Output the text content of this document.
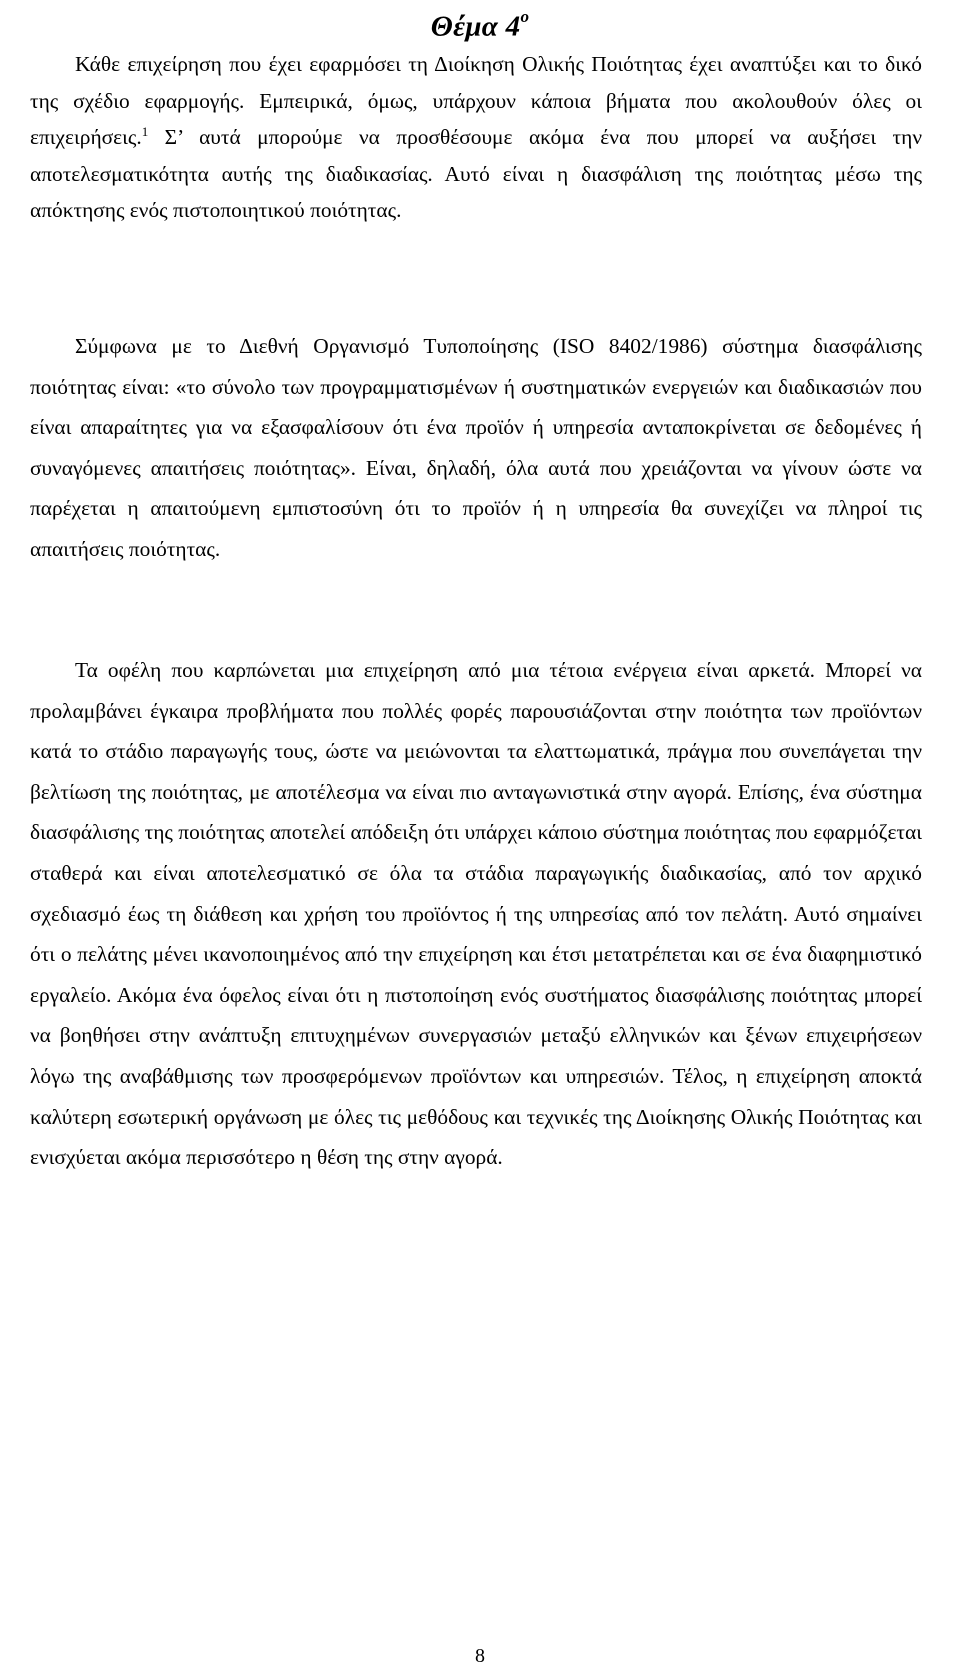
Θέμα $4^o$

Κάθε επιχείρηση που έχει εφαρμόσει τη Διοίκηση Ολικής Ποιότητας έχει αναπτύξει και το δικό της σχέδιο εφαρμογής. Εμπειρικά, όμως, υπάρχουν κάποια βήματα που ακολουθούν όλες οι επιχειρήσεις.$^1$ Σ’ αυτά μπορούμε να προσθέσουμε ακόμα ένα που μπορεί να αυξήσει την αποτελεσματικότητα αυτής της διαδικασίας. Αυτό είναι η διασφάλιση της ποιότητας μέσω της απόκτησης ενός πιστοποιητικού ποιότητας.

Σύμφωνα με το Διεθνή Οργανισμό Τυποποίησης (ISO 8402/1986) σύστημα διασφάλισης ποιότητας είναι: «το σύνολο των προγραμματισμένων ή συστηματικών ενεργειών και διαδικασιών που είναι απαραίτητες για να εξασφαλίσουν ότι ένα προϊόν ή υπηρεσία ανταποκρίνεται σε δεδομένες ή συναγόμενες απαιτήσεις ποιότητας». Είναι, δηλαδή, όλα αυτά που χρειάζονται να γίνουν ώστε να παρέχεται η απαιτούμενη εμπιστοσύνη ότι το προϊόν ή η υπηρεσία θα συνεχίζει να πληροί τις απαιτήσεις ποιότητας.

Τα οφέλη που καρπώνεται μια επιχείρηση από μια τέτοια ενέργεια είναι αρκετά. Μπορεί να προλαμβάνει έγκαιρα προβλήματα που πολλές φορές παρουσιάζονται στην ποιότητα των προϊόντων κατά το στάδιο παραγωγής τους, ώστε να μειώνονται τα ελαττωματικά, πράγμα που συνεπάγεται την βελτίωση της ποιότητας, με αποτέλεσμα να είναι πιο ανταγωνιστικά στην αγορά. Επίσης, ένα σύστημα διασφάλισης της ποιότητας αποτελεί απόδειξη ότι υπάρχει κάποιο σύστημα ποιότητας που εφαρμόζεται σταθερά και είναι αποτελεσματικό σε όλα τα στάδια παραγωγικής διαδικασίας, από τον αρχικό σχεδιασμό έως τη διάθεση και χρήση του προϊόντος ή της υπηρεσίας από τον πελάτη. Αυτό σημαίνει ότι ο πελάτης μένει ικανοποιημένος από την επιχείρηση και έτσι μετατρέπεται και σε ένα διαφημιστικό εργαλείο. Ακόμα ένα όφελος είναι ότι η πιστοποίηση ενός συστήματος διασφάλισης ποιότητας μπορεί να βοηθήσει στην ανάπτυξη επιτυχημένων συνεργασιών μεταξύ ελληνικών και ξένων επιχειρήσεων λόγω της αναβάθμισης των προσφερόμενων προϊόντων και υπηρεσιών. Τέλος, η επιχείρηση αποκτά καλύτερη εσωτερική οργάνωση με όλες τις μεθόδους και τεχνικές της Διοίκησης Ολικής Ποιότητας και ενισχύεται ακόμα περισσότερο η θέση της στην αγορά.

8
